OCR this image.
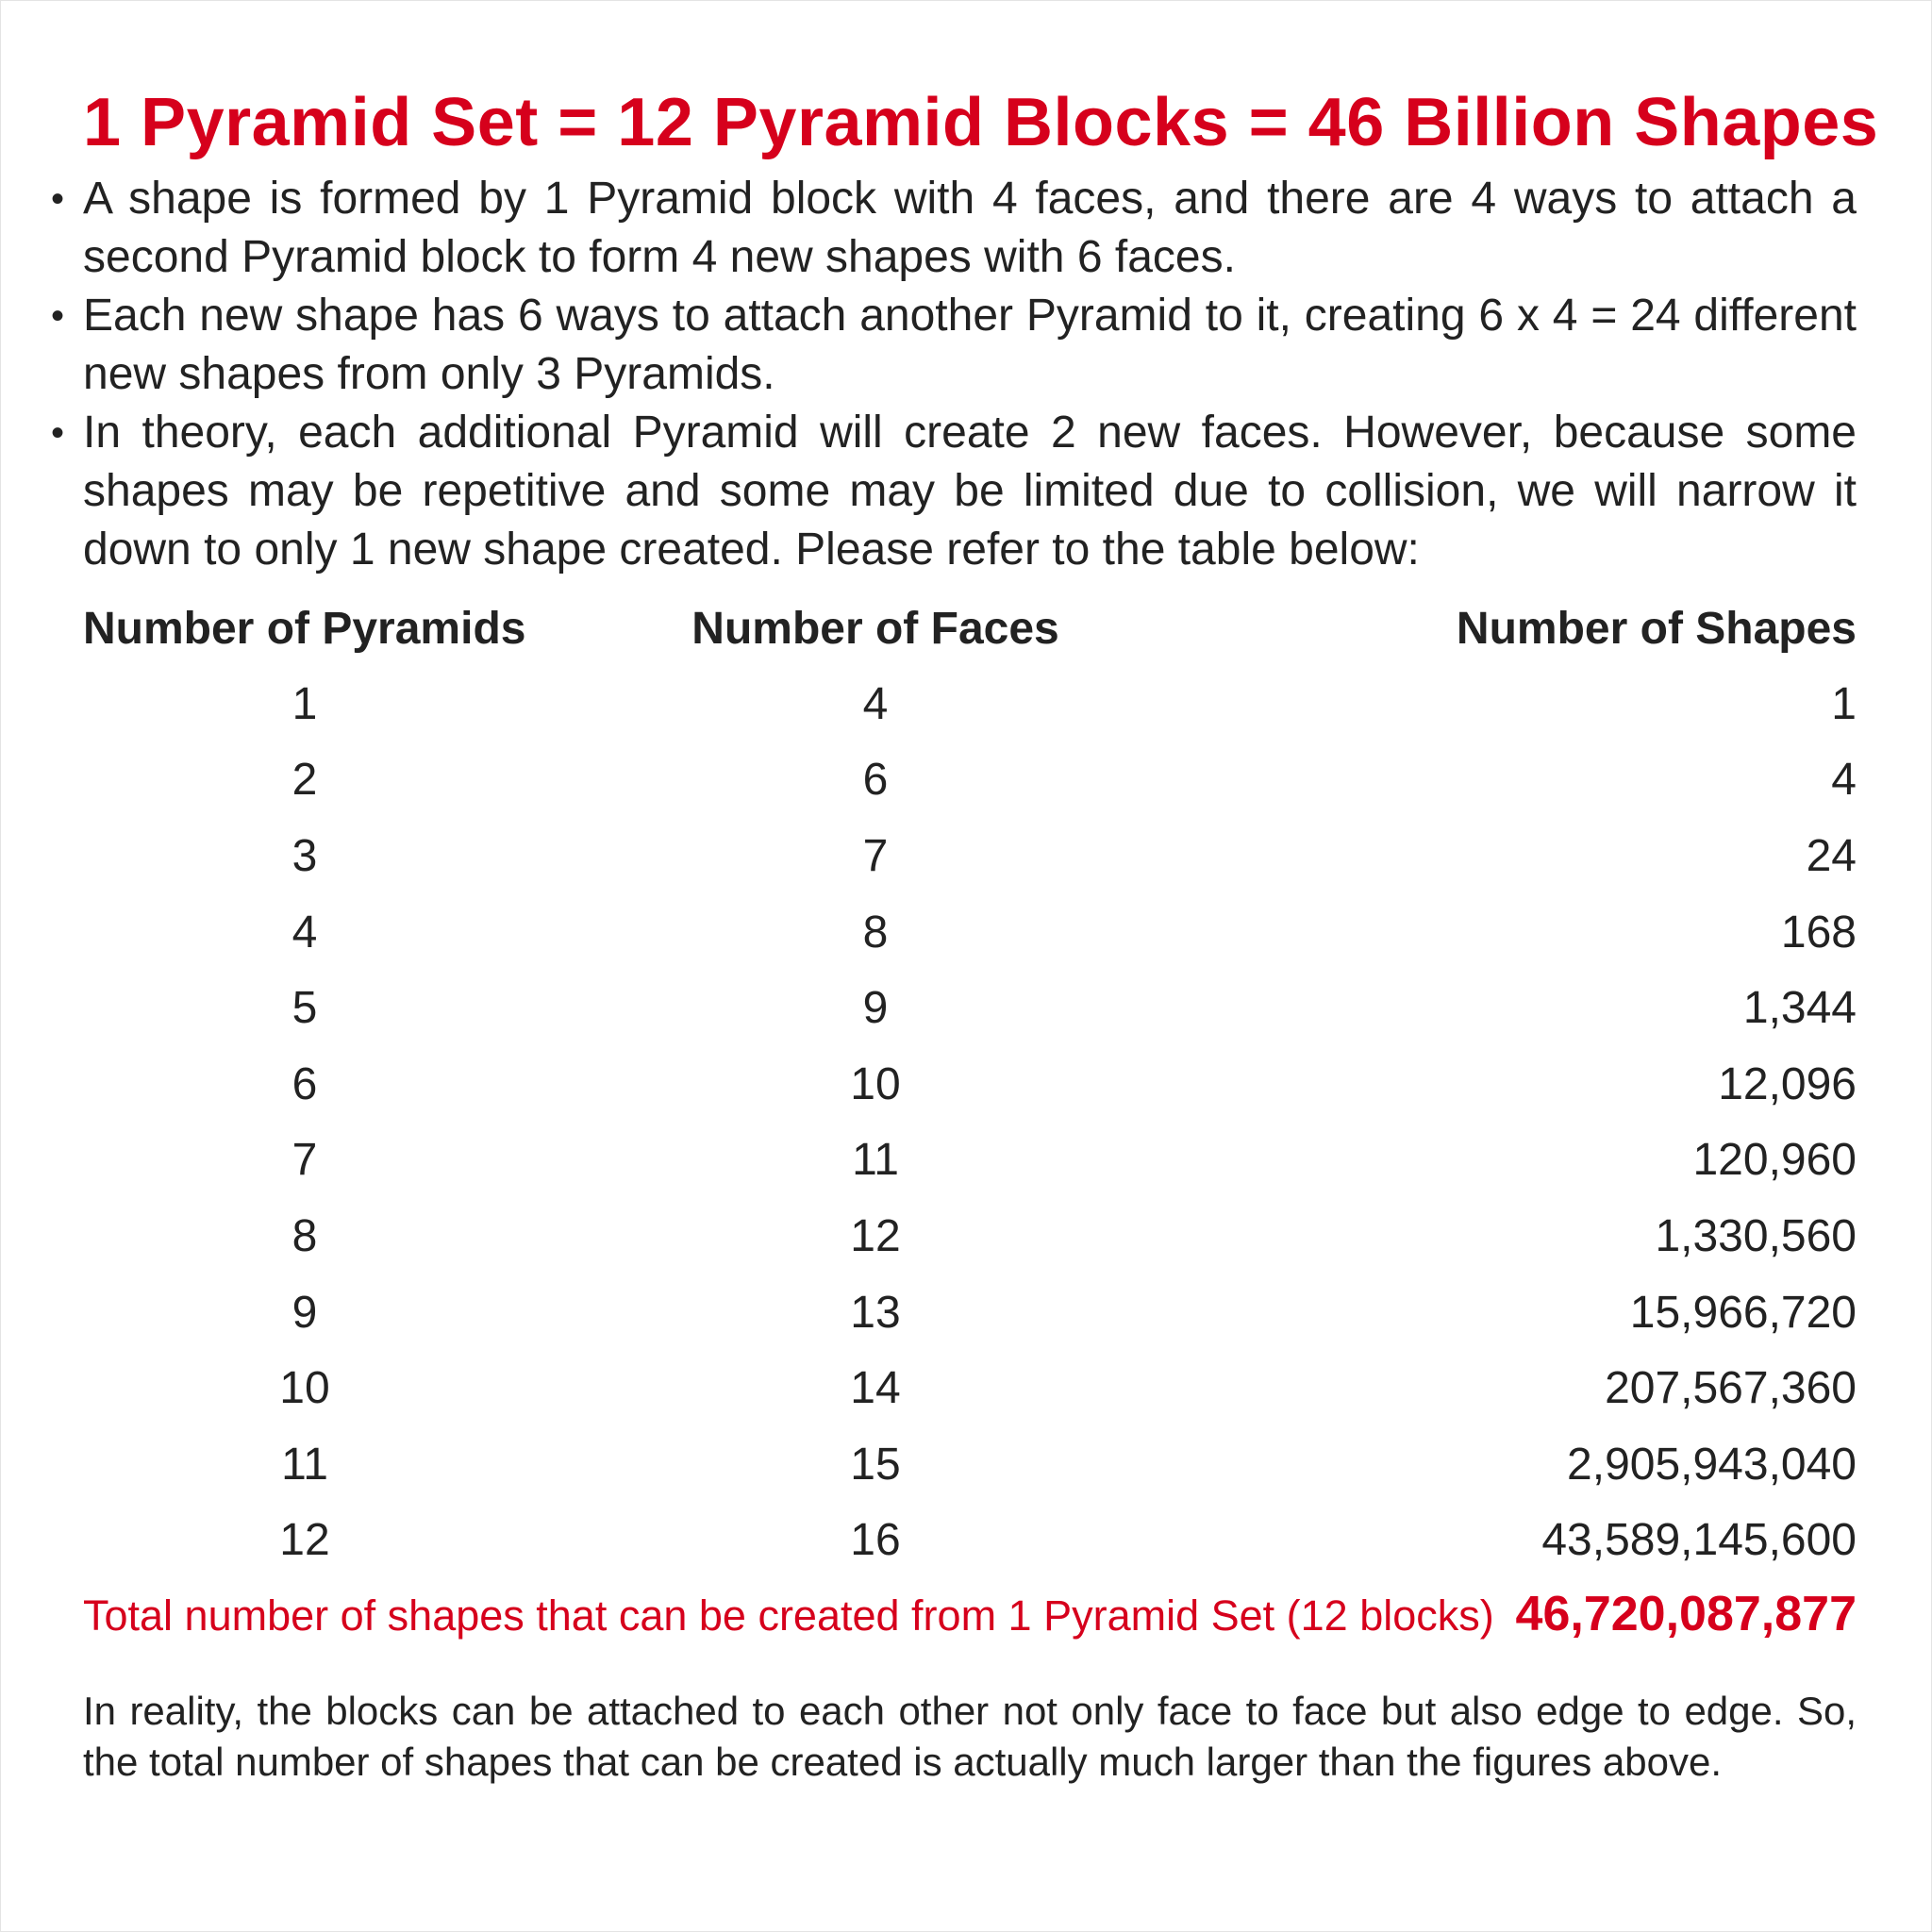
1 Pyramid Set = 12 Pyramid Blocks = 46 Billion Shapes
• A shape is formed by 1 Pyramid block with 4 faces, and there are 4 ways to attach a second Pyramid block to form 4 new shapes with 6 faces.
• Each new shape has 6 ways to attach another Pyramid to it, creating 6 x 4 = 24 different new shapes from only 3 Pyramids.
• In theory, each additional Pyramid will create 2 new faces. However, because some shapes may be repetitive and some may be limited due to collision, we will narrow it down to only 1 new shape created. Please refer to the table below:
Number of Pyramids	Number of Faces	Number of Shapes
1	4	1
2	6	4
3	7	24
4	8	168
5	9	1,344
6	10	12,096
7	11	120,960
8	12	1,330,560
9	13	15,966,720
10	14	207,567,360
11	15	2,905,943,040
12	16	43,589,145,600
Total number of shapes that can be created from 1 Pyramid Set (12 blocks) 46,720,087,877
In reality, the blocks can be attached to each other not only face to face but also edge to edge. So, the total number of shapes that can be created is actually much larger than the figures above.
